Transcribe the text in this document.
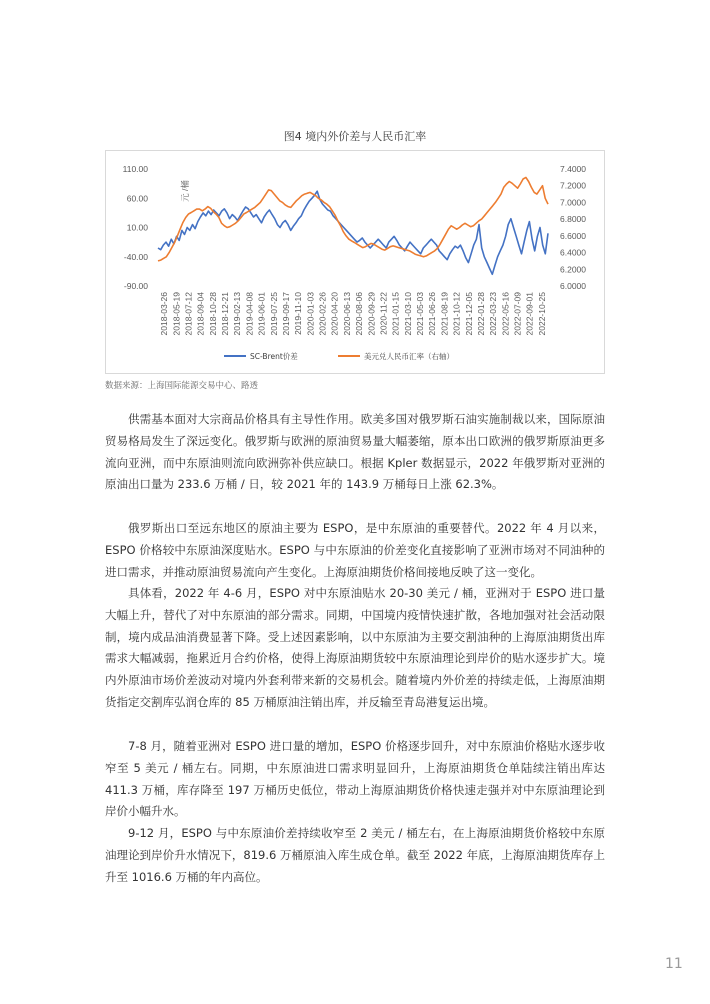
图4 境内外价差与人民币汇率
110.00
60.00
10.00
-40.00
-90.00
7.4000
7.2000
7.0000
6.8000
6.6000
6.4000
6.2000
6.0000
元 /桶
2018-03-26 2018-05-19 2018-07-12 2018-09-04 2018-10-28 2018-12-21 2019-02-13 2019-04-08 2019-06-01 2019-07-25 2019-09-17 2019-11-10 2020-01-03 2020-02-26 2020-04-20 2020-06-13 2020-08-06 2020-09-29 2020-11-22 2021-01-15 2021-03-10 2021-05-03 2021-06-26 2021-08-19 2021-10-12 2021-12-05 2022-01-28 2022-03-23 2022-05-16 2022-07-09 2022-09-01 2022-10-25
SC-Brent价差	美元兑人民币汇率（右轴）
数据来源：上海国际能源交易中心、路透

供需基本面对大宗商品价格具有主导性作用。欧美多国对俄罗斯石油实施制裁以来，国际原油贸易格局发生了深远变化。俄罗斯与欧洲的原油贸易量大幅萎缩，原本出口欧洲的俄罗斯原油更多流向亚洲，而中东原油则流向欧洲弥补供应缺口。根据 Kpler 数据显示，2022 年俄罗斯对亚洲的原油出口量为 233.6 万桶 / 日，较 2021 年的 143.9 万桶每日上涨 62.3%。

俄罗斯出口至远东地区的原油主要为 ESPO，是中东原油的重要替代。2022 年 4 月以来，ESPO 价格较中东原油深度贴水。ESPO 与中东原油的价差变化直接影响了亚洲市场对不同油种的进口需求，并推动原油贸易流向产生变化。上海原油期货价格间接地反映了这一变化。

具体看，2022 年 4-6 月，ESPO 对中东原油贴水 20-30 美元 / 桶，亚洲对于 ESPO 进口量大幅上升，替代了对中东原油的部分需求。同期，中国境内疫情快速扩散，各地加强对社会活动限制，境内成品油消费显著下降。受上述因素影响，以中东原油为主要交割油种的上海原油期货出库需求大幅减弱，拖累近月合约价格，使得上海原油期货较中东原油理论到岸价的贴水逐步扩大。境内外原油市场价差波动对境内外套利带来新的交易机会。随着境内外价差的持续走低，上海原油期货指定交割库弘润仓库的 85 万桶原油注销出库，并反输至青岛港复运出境。

7-8 月，随着亚洲对 ESPO 进口量的增加，ESPO 价格逐步回升，对中东原油价格贴水逐步收窄至 5 美元 / 桶左右。同期，中东原油进口需求明显回升，上海原油期货仓单陆续注销出库达 411.3 万桶，库存降至 197 万桶历史低位，带动上海原油期货价格快速走强并对中东原油理论到岸价小幅升水。

9-12 月，ESPO 与中东原油价差持续收窄至 2 美元 / 桶左右，在上海原油期货价格较中东原油理论到岸价升水情况下，819.6 万桶原油入库生成仓单。截至 2022 年底，上海原油期货库存上升至 1016.6 万桶的年内高位。

11
